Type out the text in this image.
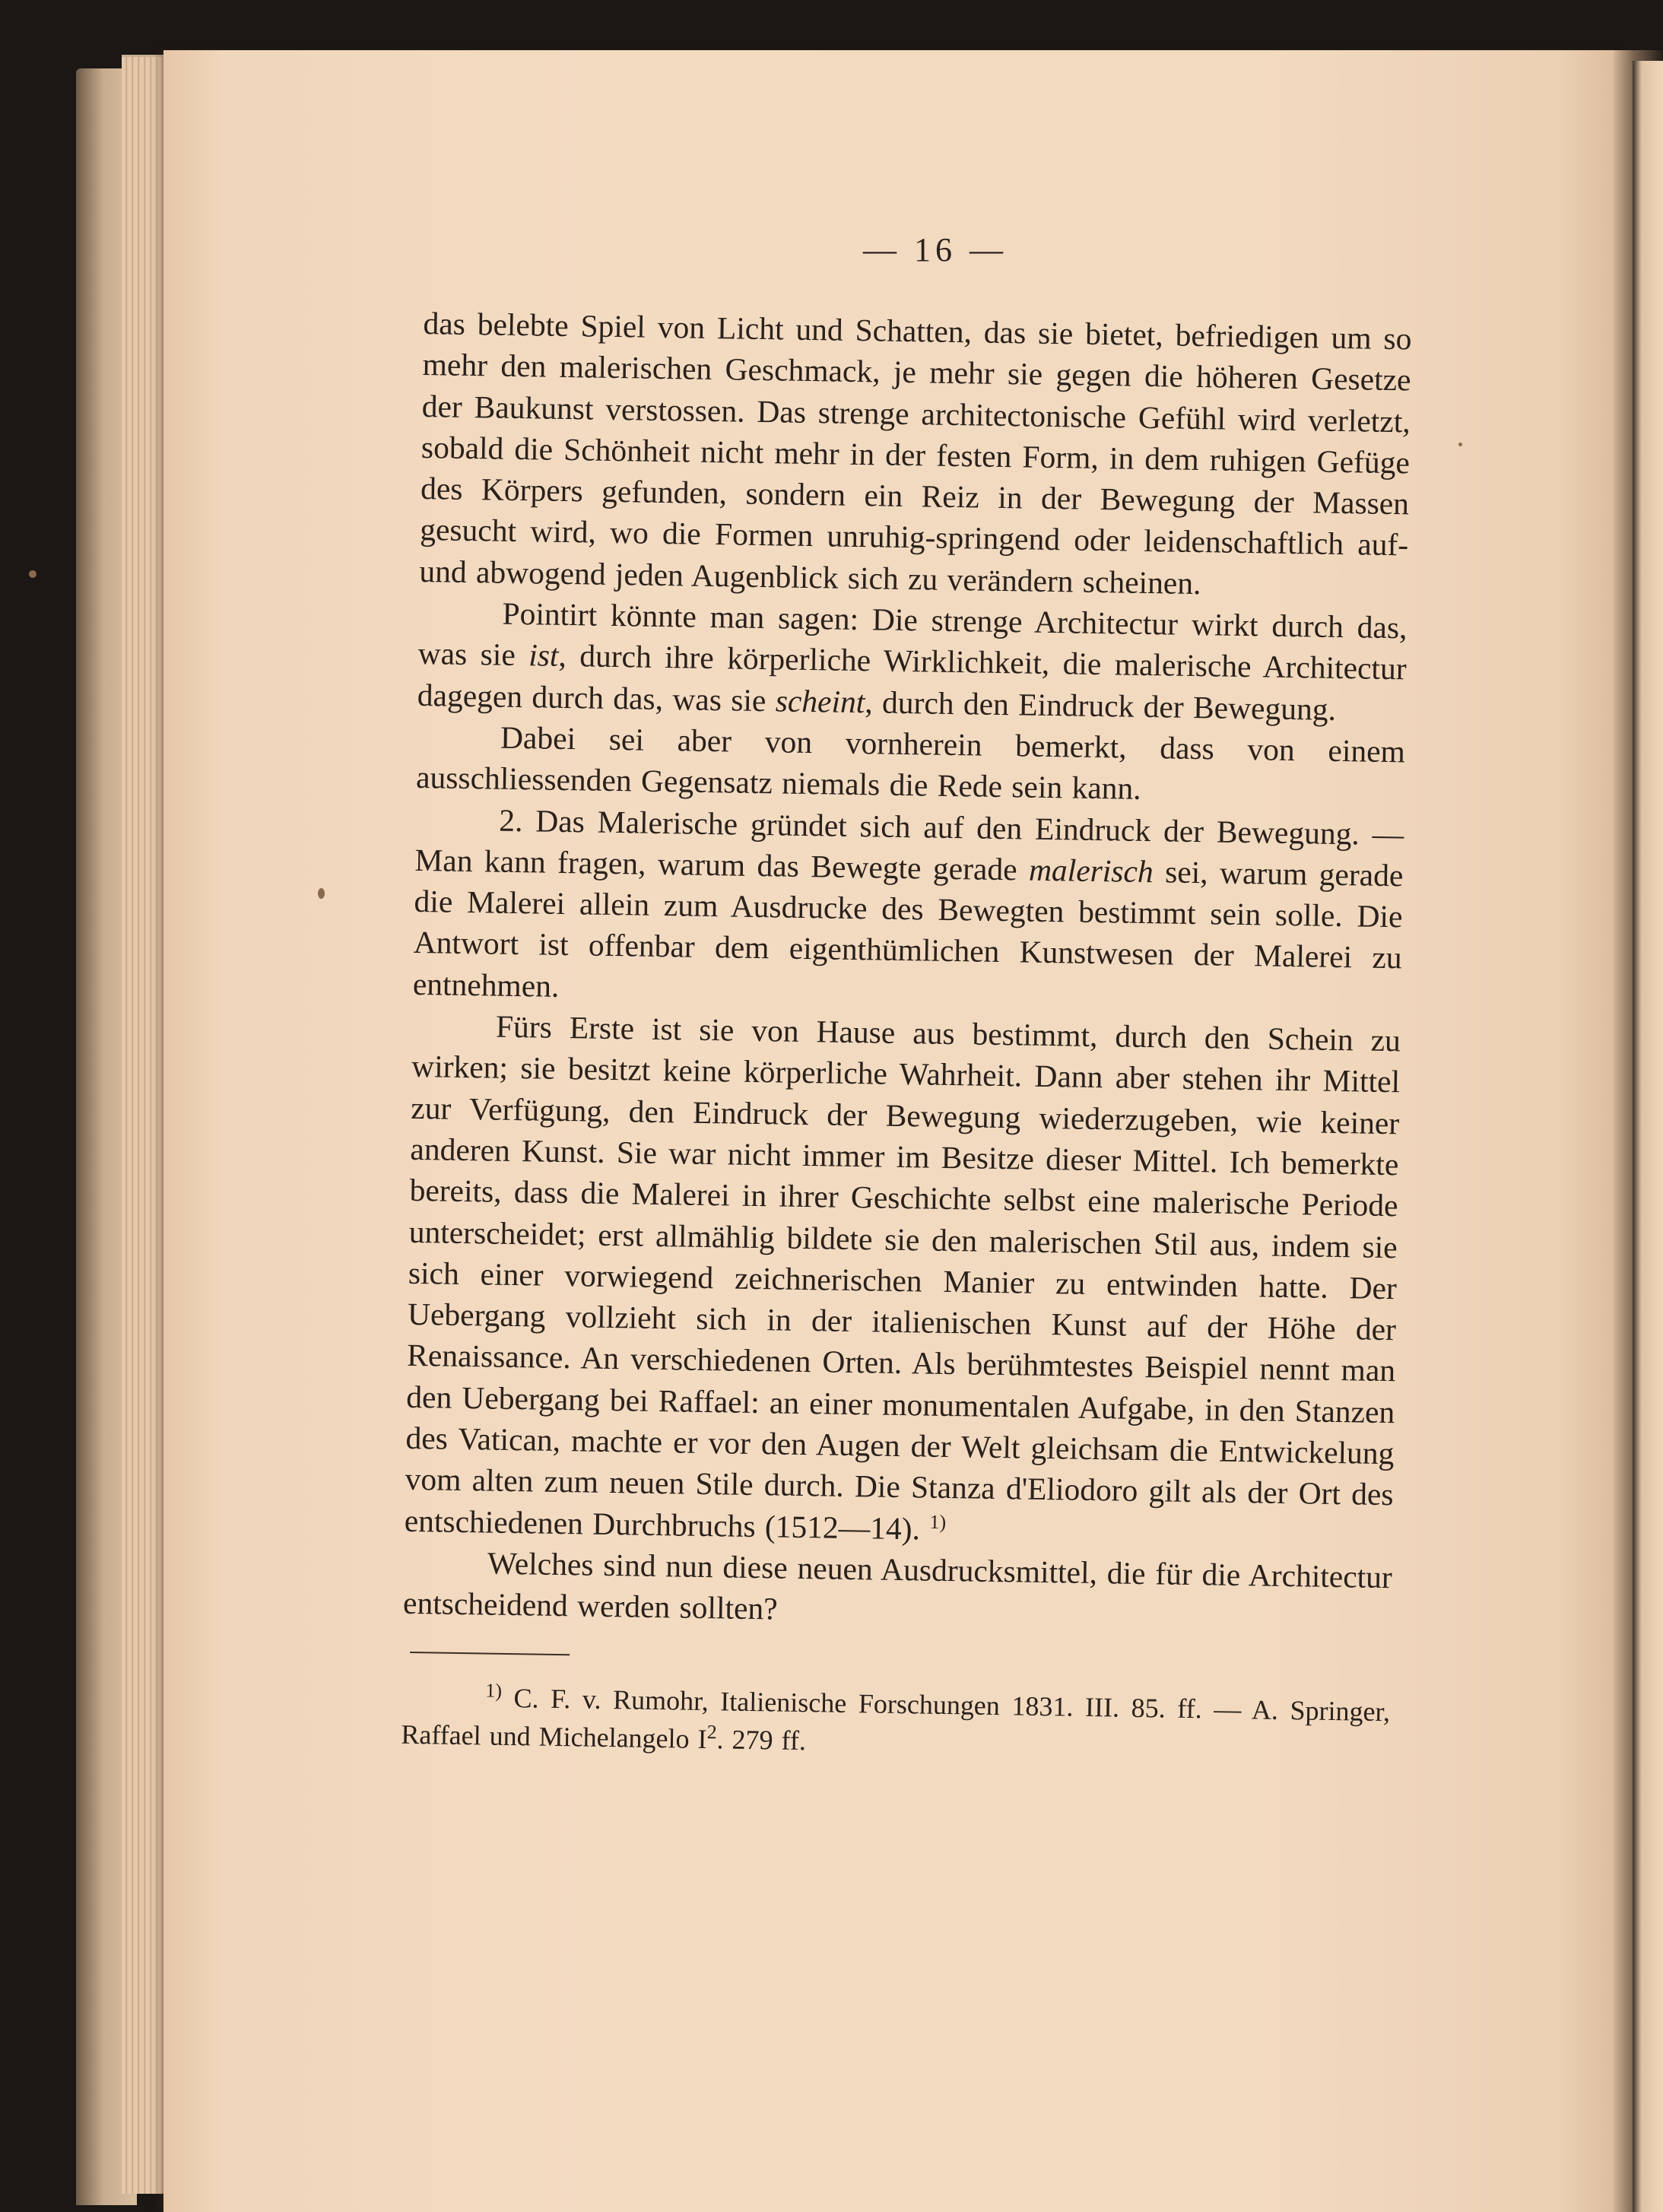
— 16 —

das belebte Spiel von Licht und Schatten, das sie bietet, befriedigen um so mehr den malerischen Geschmack, je mehr sie gegen die höheren Gesetze der Baukunst verstossen. Das strenge architectonische Gefühl wird verletzt, sobald die Schönheit nicht mehr in der festen Form, in dem ruhigen Gefüge des Körpers gefunden, sondern ein Reiz in der Bewegung der Massen gesucht wird, wo die Formen unruhig-springend oder leidenschaftlich auf- und abwogend jeden Augenblick sich zu verändern scheinen.

Pointirt könnte man sagen: Die strenge Architectur wirkt durch das, was sie ist, durch ihre körperliche Wirklichkeit, die malerische Architectur dagegen durch das, was sie scheint, durch den Eindruck der Bewegung.

Dabei sei aber von vornherein bemerkt, dass von einem ausschliessenden Gegensatz niemals die Rede sein kann.

2. Das Malerische gründet sich auf den Eindruck der Bewegung. — Man kann fragen, warum das Bewegte gerade malerisch sei, warum gerade die Malerei allein zum Ausdrucke des Bewegten bestimmt sein solle. Die Antwort ist offenbar dem eigenthümlichen Kunstwesen der Malerei zu entnehmen.

Fürs Erste ist sie von Hause aus bestimmt, durch den Schein zu wirken; sie besitzt keine körperliche Wahrheit. Dann aber stehen ihr Mittel zur Verfügung, den Eindruck der Bewegung wiederzugeben, wie keiner anderen Kunst. Sie war nicht immer im Besitze dieser Mittel. Ich bemerkte bereits, dass die Malerei in ihrer Geschichte selbst eine malerische Periode unterscheidet; erst allmählig bildete sie den malerischen Stil aus, indem sie sich einer vorwiegend zeichnerischen Manier zu entwinden hatte. Der Uebergang vollzieht sich in der italienischen Kunst auf der Höhe der Renaissance. An verschiedenen Orten. Als berühmtestes Beispiel nennt man den Uebergang bei Raffael: an einer monumentalen Aufgabe, in den Stanzen des Vatican, machte er vor den Augen der Welt gleichsam die Entwickelung vom alten zum neuen Stile durch. Die Stanza d'Eliodoro gilt als der Ort des entschiedenen Durchbruchs (1512—14). $^{1)}$

Welches sind nun diese neuen Ausdrucksmittel, die für die Architectur entscheidend werden sollten?

$^{1)}$ C. F. v. Rumohr, Italienische Forschungen 1831. III. 85. ff. — A. Springer, Raffael und Michelangelo I$^2$. 279 ff.
